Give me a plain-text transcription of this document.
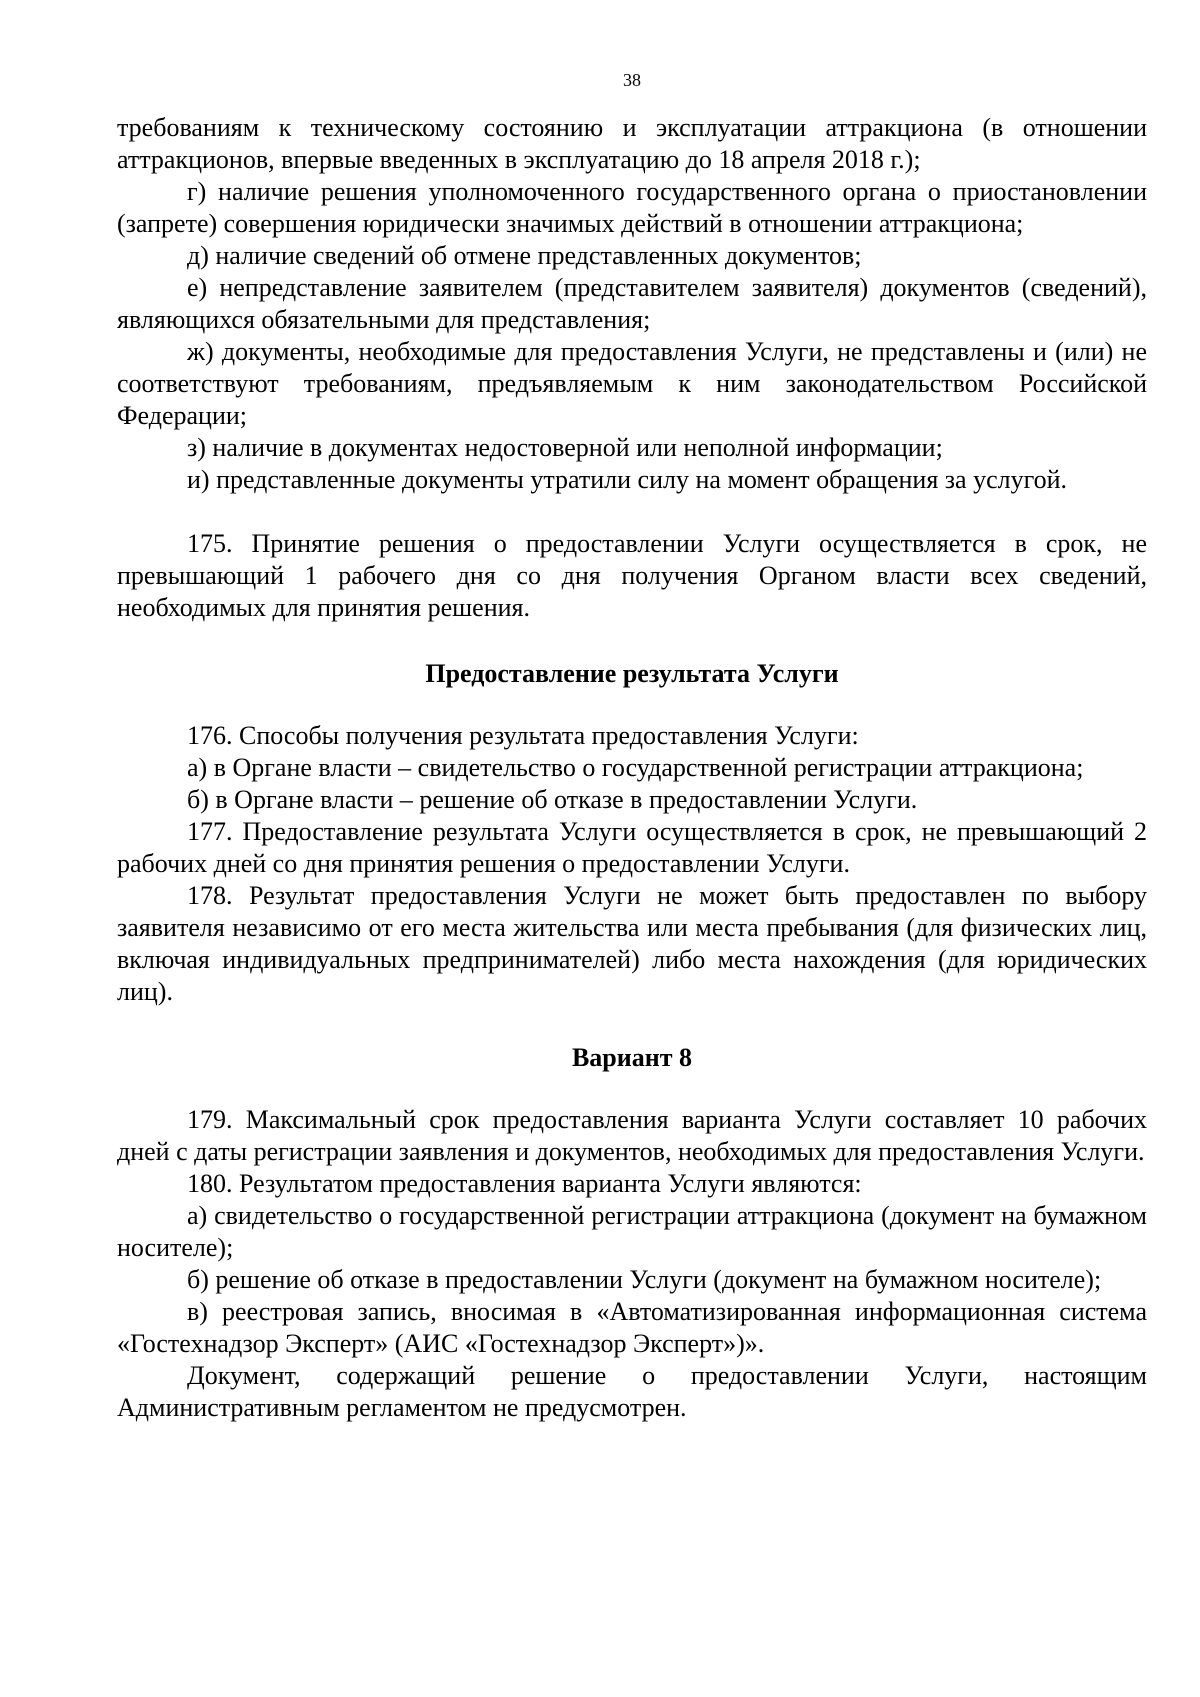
38

требованиям к техническому состоянию и эксплуатации аттракциона (в отношении аттракционов, впервые введенных в эксплуатацию до 18 апреля 2018 г.);

г) наличие решения уполномоченного государственного органа о приостановлении (запрете) совершения юридически значимых действий в отношении аттракциона;

д) наличие сведений об отмене представленных документов;

е) непредставление заявителем (представителем заявителя) документов (сведений), являющихся обязательными для представления;

ж) документы, необходимые для предоставления Услуги, не представлены и (или) не соответствуют требованиям, предъявляемым к ним законодательством Российской Федерации;

з) наличие в документах недостоверной или неполной информации;

и) представленные документы утратили силу на момент обращения за услугой.

175. Принятие решения о предоставлении Услуги осуществляется в срок, не превышающий 1 рабочего дня со дня получения Органом власти всех сведений, необходимых для принятия решения.

Предоставление результата Услуги

176. Способы получения результата предоставления Услуги:

а) в Органе власти – свидетельство о государственной регистрации аттракциона;

б) в Органе власти – решение об отказе в предоставлении Услуги.

177. Предоставление результата Услуги осуществляется в срок, не превышающий 2 рабочих дней со дня принятия решения о предоставлении Услуги.

178. Результат предоставления Услуги не может быть предоставлен по выбору заявителя независимо от его места жительства или места пребывания (для физических лиц, включая индивидуальных предпринимателей) либо места нахождения (для юридических лиц).

Вариант 8

179. Максимальный срок предоставления варианта Услуги составляет 10 рабочих дней с даты регистрации заявления и документов, необходимых для предоставления Услуги.

180. Результатом предоставления варианта Услуги являются:

а) свидетельство о государственной регистрации аттракциона (документ на бумажном носителе);

б) решение об отказе в предоставлении Услуги (документ на бумажном носителе);

в) реестровая запись, вносимая в «Автоматизированная информационная система «Гостехнадзор Эксперт» (АИС «Гостехнадзор Эксперт»)».

Документ, содержащий решение о предоставлении Услуги, настоящим Административным регламентом не предусмотрен.
